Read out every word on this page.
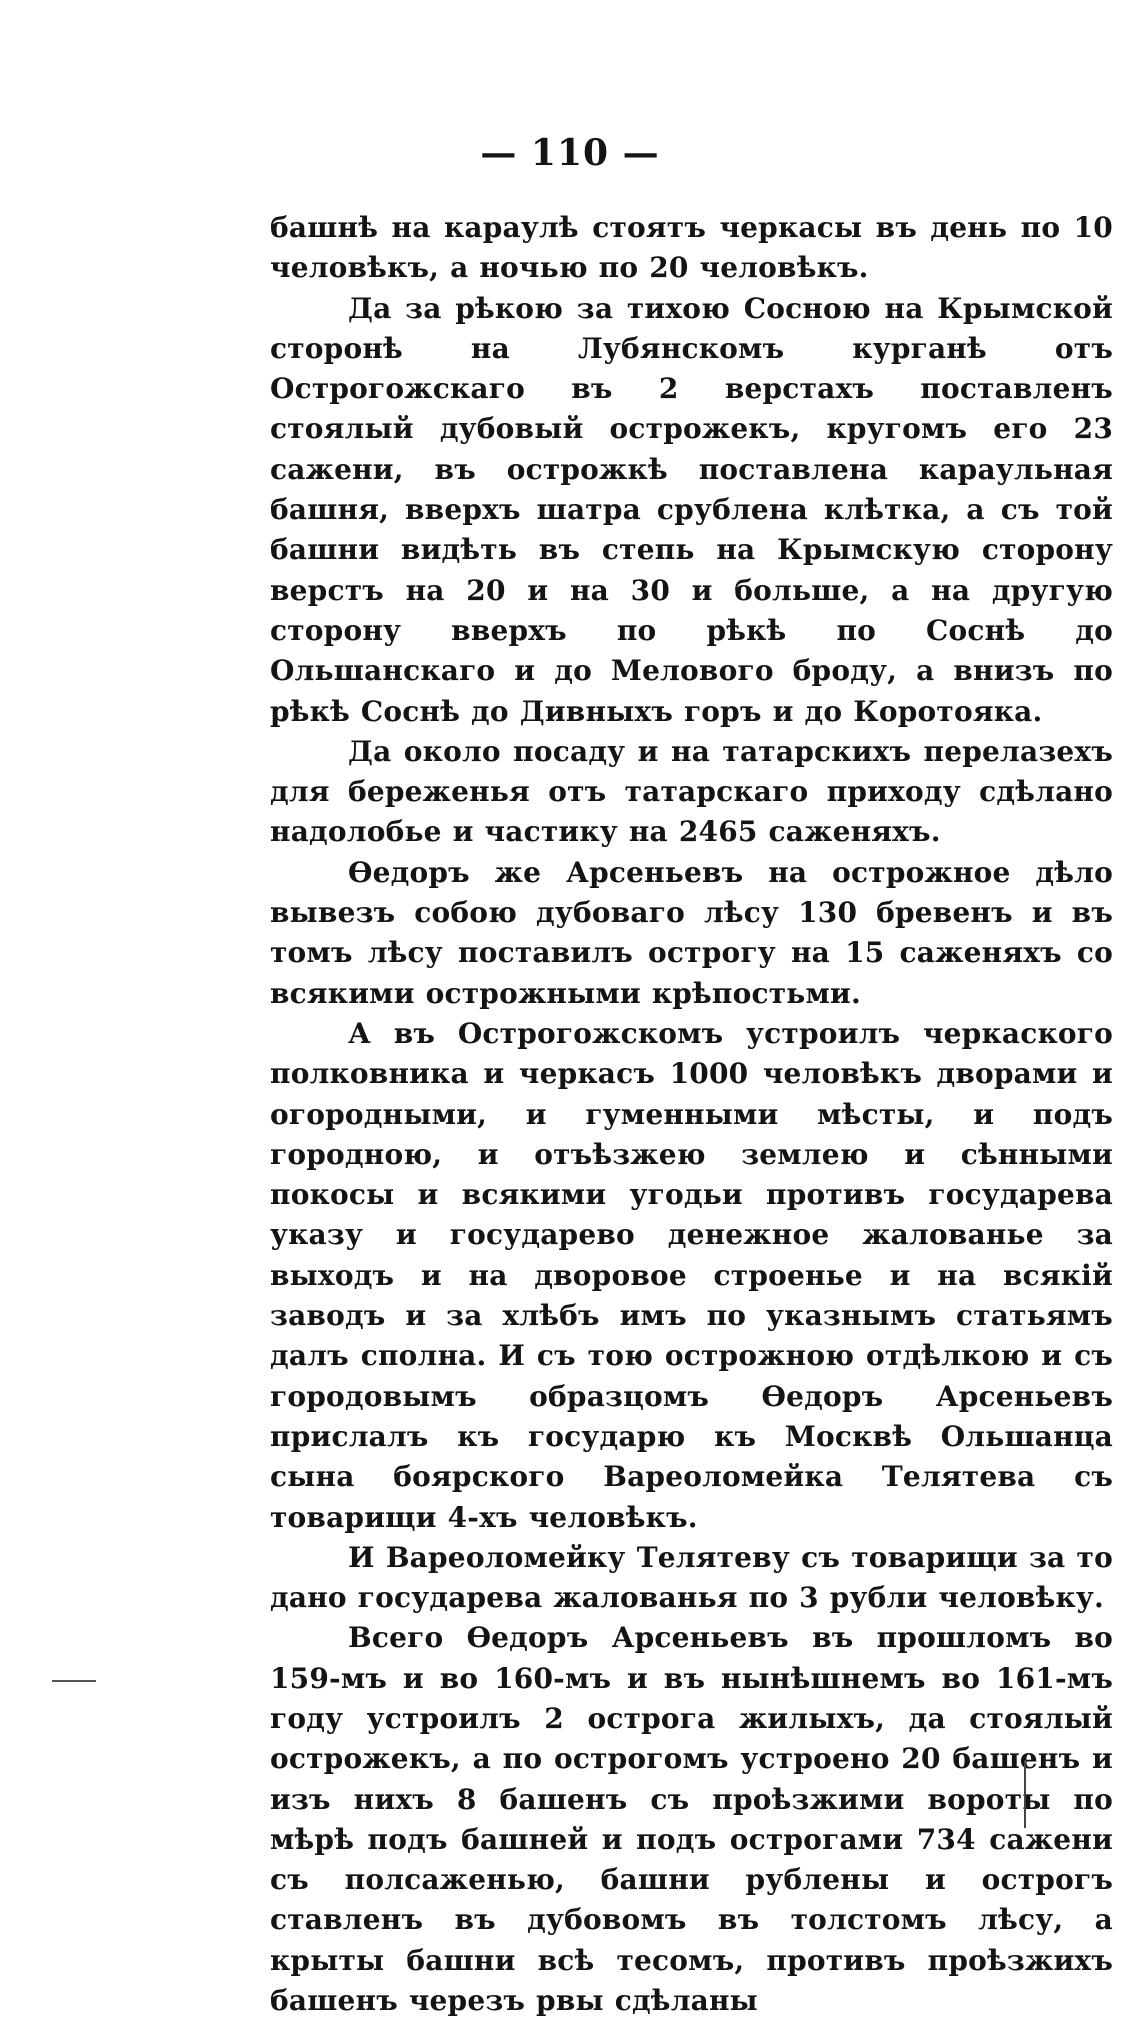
— 110 —

башнѣ на караулѣ стоятъ черкасы въ день по 10 человѣкъ, а ночью по 20 человѣкъ.

Да за рѣкою за тихою Сосною на Крымской сторонѣ на Лубянскомъ курганѣ отъ Острогожскаго въ 2 верстахъ поставленъ стоялый дубовый острожекъ, кругомъ его 23 сажени, въ острожкѣ поставлена караульная башня, вверхъ шатра срублена клѣтка, а съ той башни видѣть въ степь на Крымскую сторону верстъ на 20 и на 30 и больше, а на другую сторону вверхъ по рѣкѣ по Соснѣ до Ольшанскаго и до Мелового броду, а внизъ по рѣкѣ Соснѣ до Дивныхъ горъ и до Коротояка.

Да около посаду и на татарскихъ перелазехъ для береженья отъ татарскаго приходу сдѣлано надолобье и частику на 2465 саженяхъ.

Өедоръ же Арсеньевъ на острожное дѣло вывезъ собою дубоваго лѣсу 130 бревенъ и въ томъ лѣсу поставилъ острогу на 15 саженяхъ со всякими острожными крѣпостьми.

А въ Острогожскомъ устроилъ черкаского полковника и черкасъ 1000 человѣкъ дворами и огородными, и гуменными мѣсты, и подъ городною, и отъѣзжею землею и сѣнными покосы и всякими угодьи противъ государева указу и государево денежное жалованье за выходъ и на дворовое строенье и на всякій заводъ и за хлѣбъ имъ по указнымъ статьямъ далъ сполна. И съ тою острожною отдѣлкою и съ городовымъ образцомъ Өедоръ Арсеньевъ прислалъ къ государю къ Москвѣ Ольшанца сына боярского Вареоломейка Телятева съ товарищи 4-хъ человѣкъ.

И Вареоломейку Телятеву съ товарищи за то дано государева жалованья по 3 рубли человѣку.

Всего Өедоръ Арсеньевъ въ прошломъ во 159-мъ и во 160-мъ и въ нынѣшнемъ во 161-мъ году устроилъ 2 острога жилыхъ, да стоялый острожекъ, а по острогомъ устроено 20 башенъ и изъ нихъ 8 башенъ съ проѣзжими вороты по мѣрѣ подъ башней и подъ острогами 734 сажени съ полсаженью, башни рублены и острогъ ставленъ въ дубовомъ въ толстомъ лѣсу, а крыты башни всѣ тесомъ, противъ проѣзжихъ башенъ черезъ рвы сдѣланы
